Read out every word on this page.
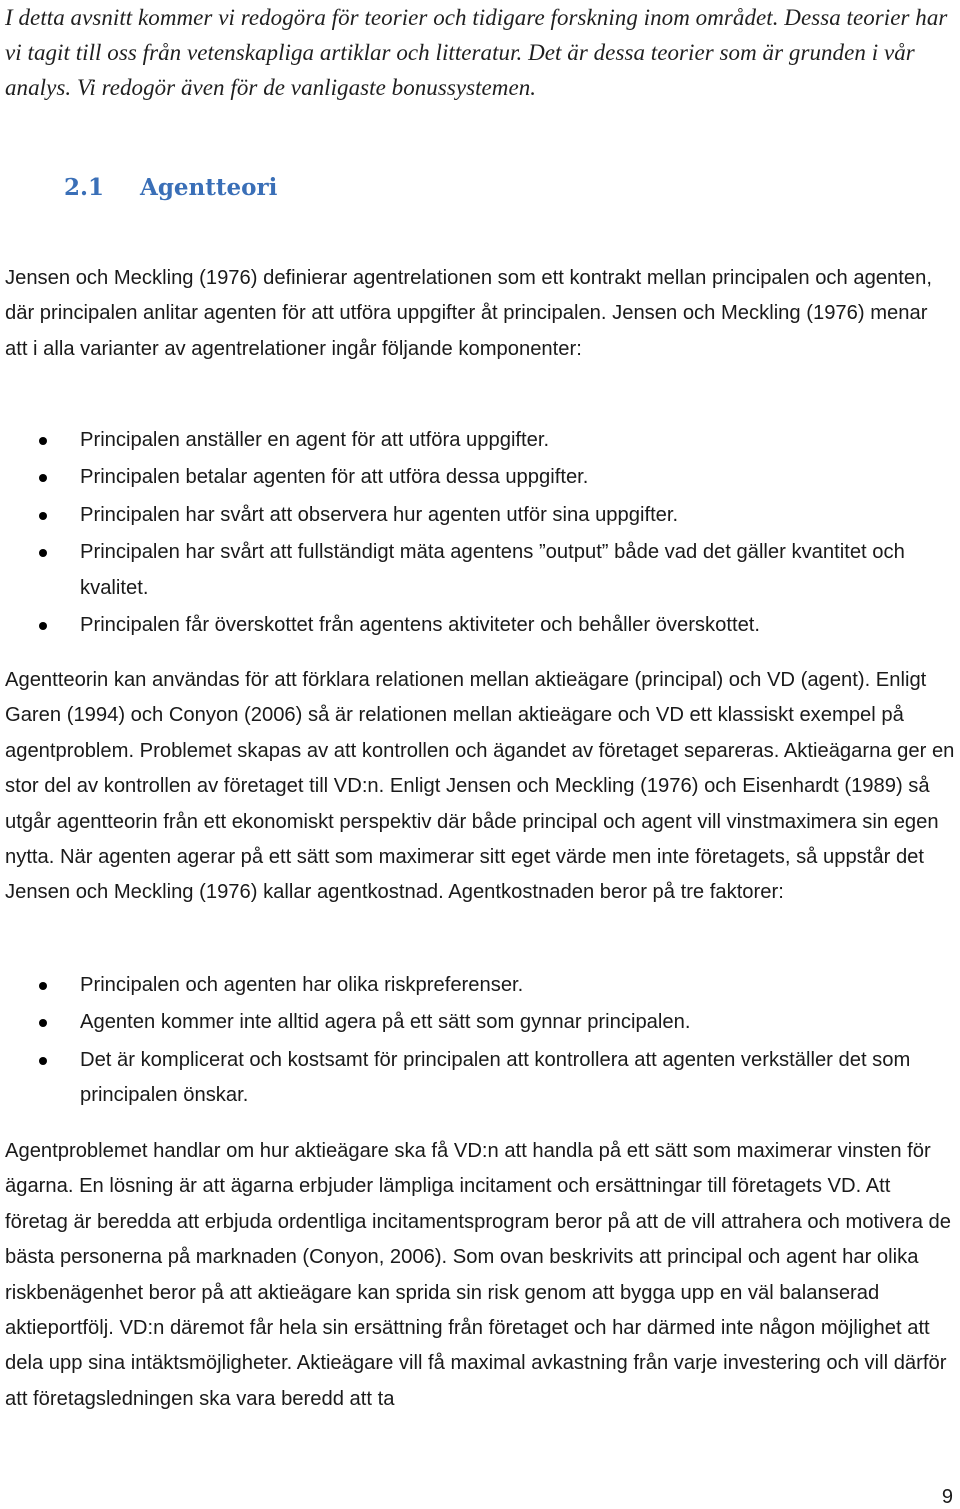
I detta avsnitt kommer vi redogöra för teorier och tidigare forskning inom området. Dessa teorier har vi tagit till oss från vetenskapliga artiklar och litteratur. Det är dessa teorier som är grunden i vår analys. Vi redogör även för de vanligaste bonussystemen.

2.1 Agentteori

Jensen och Meckling (1976) definierar agentrelationen som ett kontrakt mellan principalen och agenten, där principalen anlitar agenten för att utföra uppgifter åt principalen. Jensen och Meckling (1976) menar att i alla varianter av agentrelationer ingår följande komponenter:

Principalen anställer en agent för att utföra uppgifter.
Principalen betalar agenten för att utföra dessa uppgifter.
Principalen har svårt att observera hur agenten utför sina uppgifter.
Principalen har svårt att fullständigt mäta agentens ”output” både vad det gäller kvantitet och kvalitet.
Principalen får överskottet från agentens aktiviteter och behåller överskottet.

Agentteorin kan användas för att förklara relationen mellan aktieägare (principal) och VD (agent). Enligt Garen (1994) och Conyon (2006) så är relationen mellan aktieägare och VD ett klassiskt exempel på agentproblem. Problemet skapas av att kontrollen och ägandet av företaget separeras. Aktieägarna ger en stor del av kontrollen av företaget till VD:n. Enligt Jensen och Meckling (1976) och Eisenhardt (1989) så utgår agentteorin från ett ekonomiskt perspektiv där både principal och agent vill vinstmaximera sin egen nytta. När agenten agerar på ett sätt som maximerar sitt eget värde men inte företagets, så uppstår det Jensen och Meckling (1976) kallar agentkostnad. Agentkostnaden beror på tre faktorer:

Principalen och agenten har olika riskpreferenser.
Agenten kommer inte alltid agera på ett sätt som gynnar principalen.
Det är komplicerat och kostsamt för principalen att kontrollera att agenten verkställer det som principalen önskar.

Agentproblemet handlar om hur aktieägare ska få VD:n att handla på ett sätt som maximerar vinsten för ägarna. En lösning är att ägarna erbjuder lämpliga incitament och ersättningar till företagets VD. Att företag är beredda att erbjuda ordentliga incitamentsprogram beror på att de vill attrahera och motivera de bästa personerna på marknaden (Conyon, 2006). Som ovan beskrivits att principal och agent har olika riskbenägenhet beror på att aktieägare kan sprida sin risk genom att bygga upp en väl balanserad aktieportfölj. VD:n däremot får hela sin ersättning från företaget och har därmed inte någon möjlighet att dela upp sina intäktsmöjligheter. Aktieägare vill få maximal avkastning från varje investering och vill därför att företagsledningen ska vara beredd att ta

9
